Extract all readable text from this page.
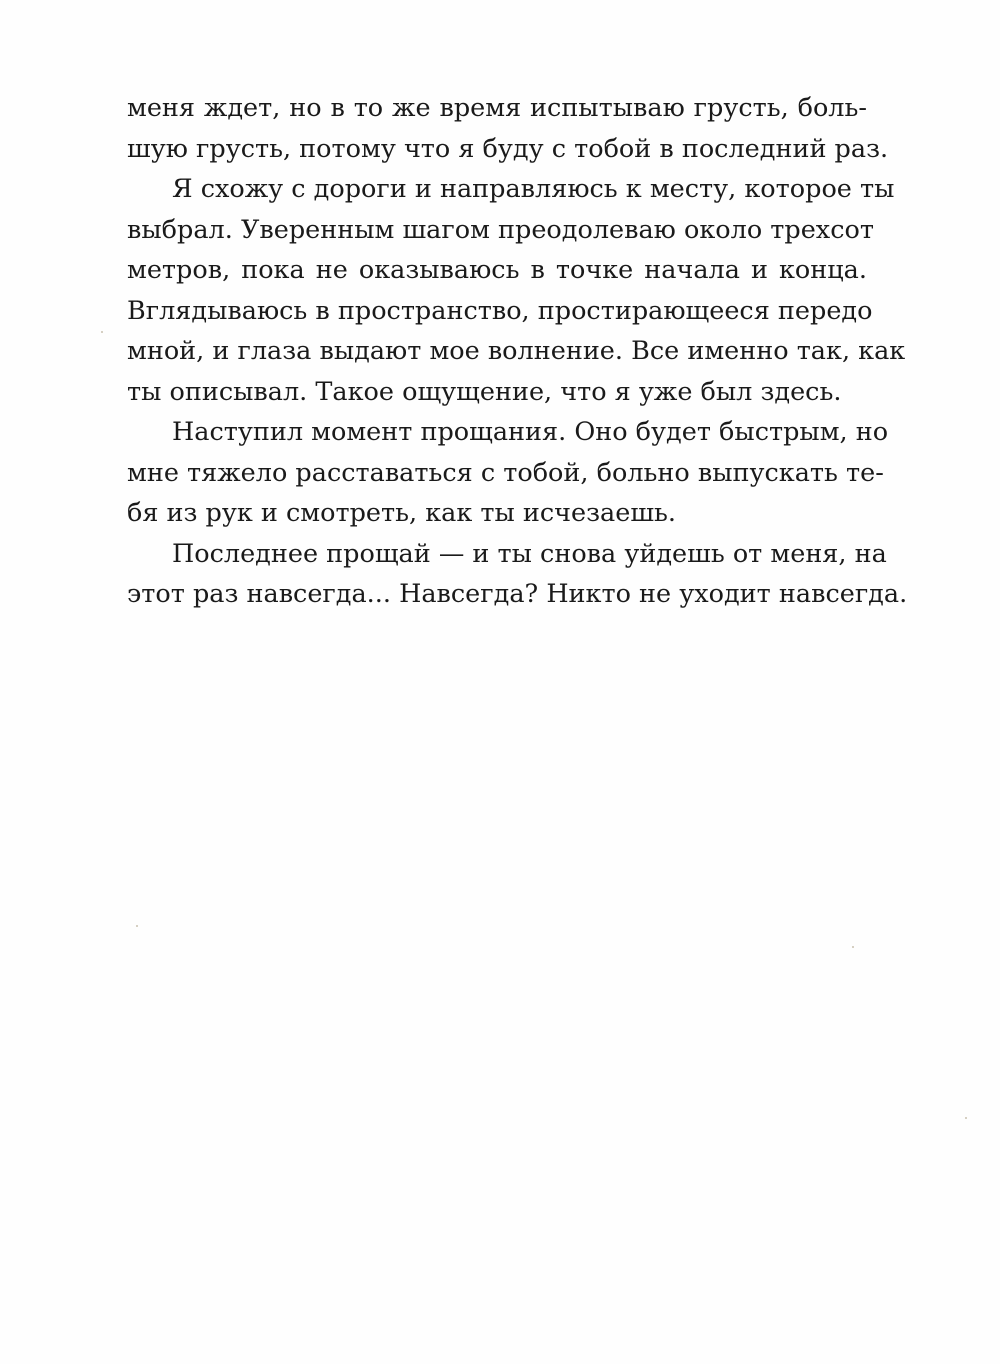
меня ждет, но в то же время испытываю грусть, боль-
шую грусть, потому что я буду с тобой в последний раз.
Я схожу с дороги и направляюсь к месту, которое ты
выбрал. Уверенным шагом преодолеваю около трехсот
метров, пока не оказываюсь в точке начала и конца.
Вглядываюсь в пространство, простирающееся передо
мной, и глаза выдают мое волнение. Все именно так, как
ты описывал. Такое ощущение, что я уже был здесь.
Наступил момент прощания. Оно будет быстрым, но
мне тяжело расставаться с тобой, больно выпускать те-
бя из рук и смотреть, как ты исчезаешь.
Последнее прощай — и ты снова уйдешь от меня, на
этот раз навсегда... Навсегда? Никто не уходит навсегда.
